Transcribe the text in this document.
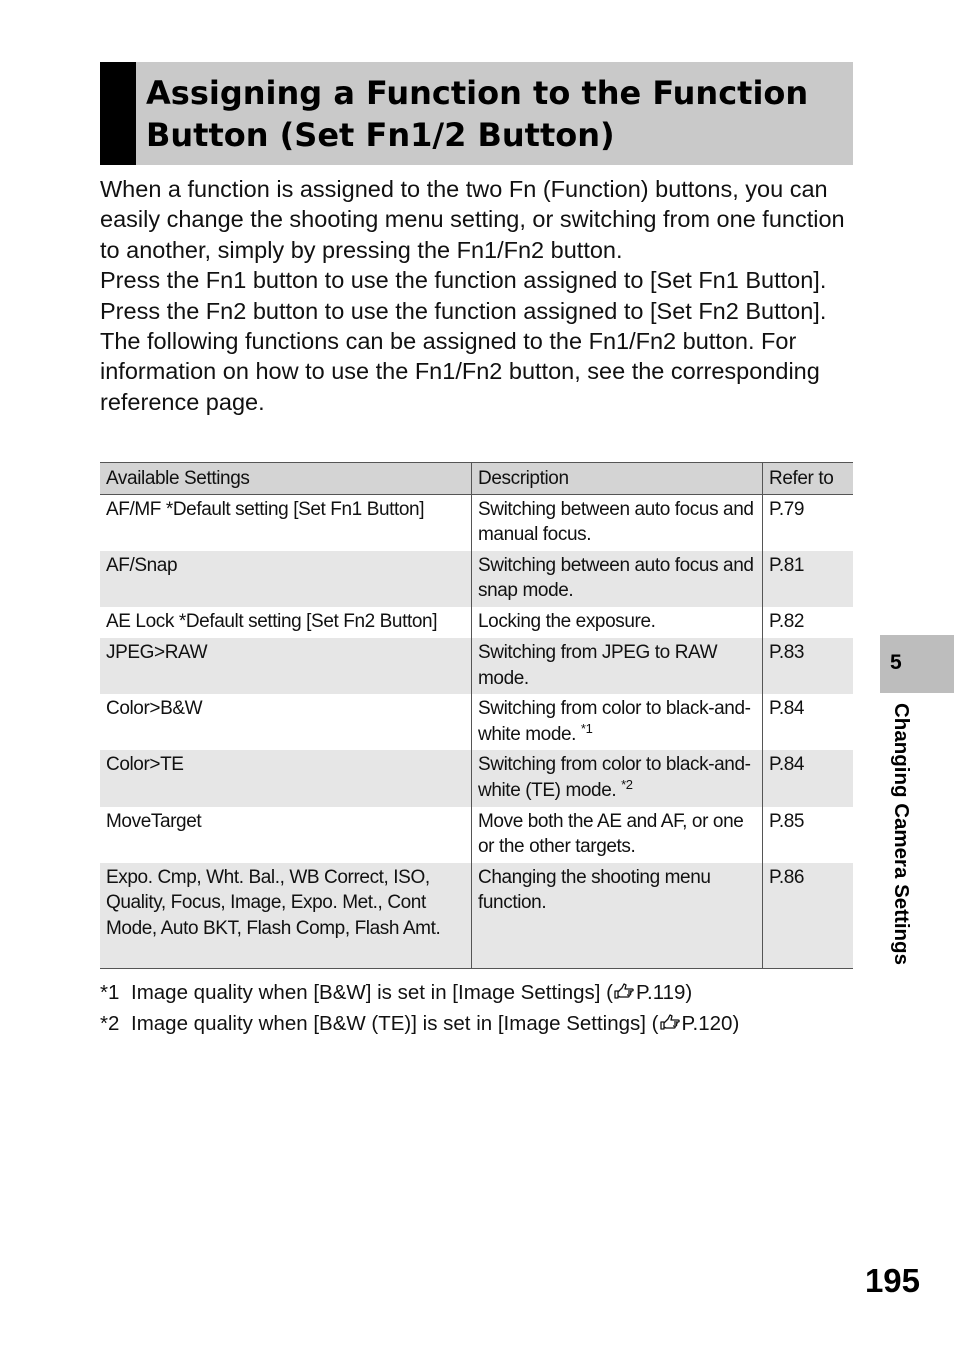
Assigning a Function to the Function
Button (Set Fn1/2 Button)

When a function is assigned to the two Fn (Function) buttons, you can easily change the shooting menu setting, or switching from one function to another, simply by pressing the Fn1/Fn2 button.

Press the Fn1 button to use the function assigned to [Set Fn1 Button]. Press the Fn2 button to use the function assigned to [Set Fn2 Button].

The following functions can be assigned to the Fn1/Fn2 button. For information on how to use the Fn1/Fn2 button, see the corresponding reference page.

Available Settings	Description	Refer to
AF/MF *Default setting [Set Fn1 Button]	Switching between auto focus and manual focus.	P.79
AF/Snap	Switching between auto focus and snap mode.	P.81
AE Lock *Default setting [Set Fn2 Button]	Locking the exposure.	P.82
JPEG>RAW	Switching from JPEG to RAW mode.	P.83
Color>B&W	Switching from color to black-and-white mode. $^{*1}$	P.84
Color>TE	Switching from color to black-and-white (TE) mode. $^{*2}$	P.84
MoveTarget	Move both the AE and AF, or one or the other targets.	P.85
Expo. Cmp, Wht. Bal., WB Correct, ISO, Quality, Focus, Image, Expo. Met., Cont Mode, Auto BKT, Flash Comp, Flash Amt.	Changing the shooting menu function.	P.86
*1 Image quality when [B&W] is set in [Image Settings] ( P.119)
*2 Image quality when [B&W (TE)] is set in [Image Settings] ( P.120)
5
Changing Camera Settings
195
